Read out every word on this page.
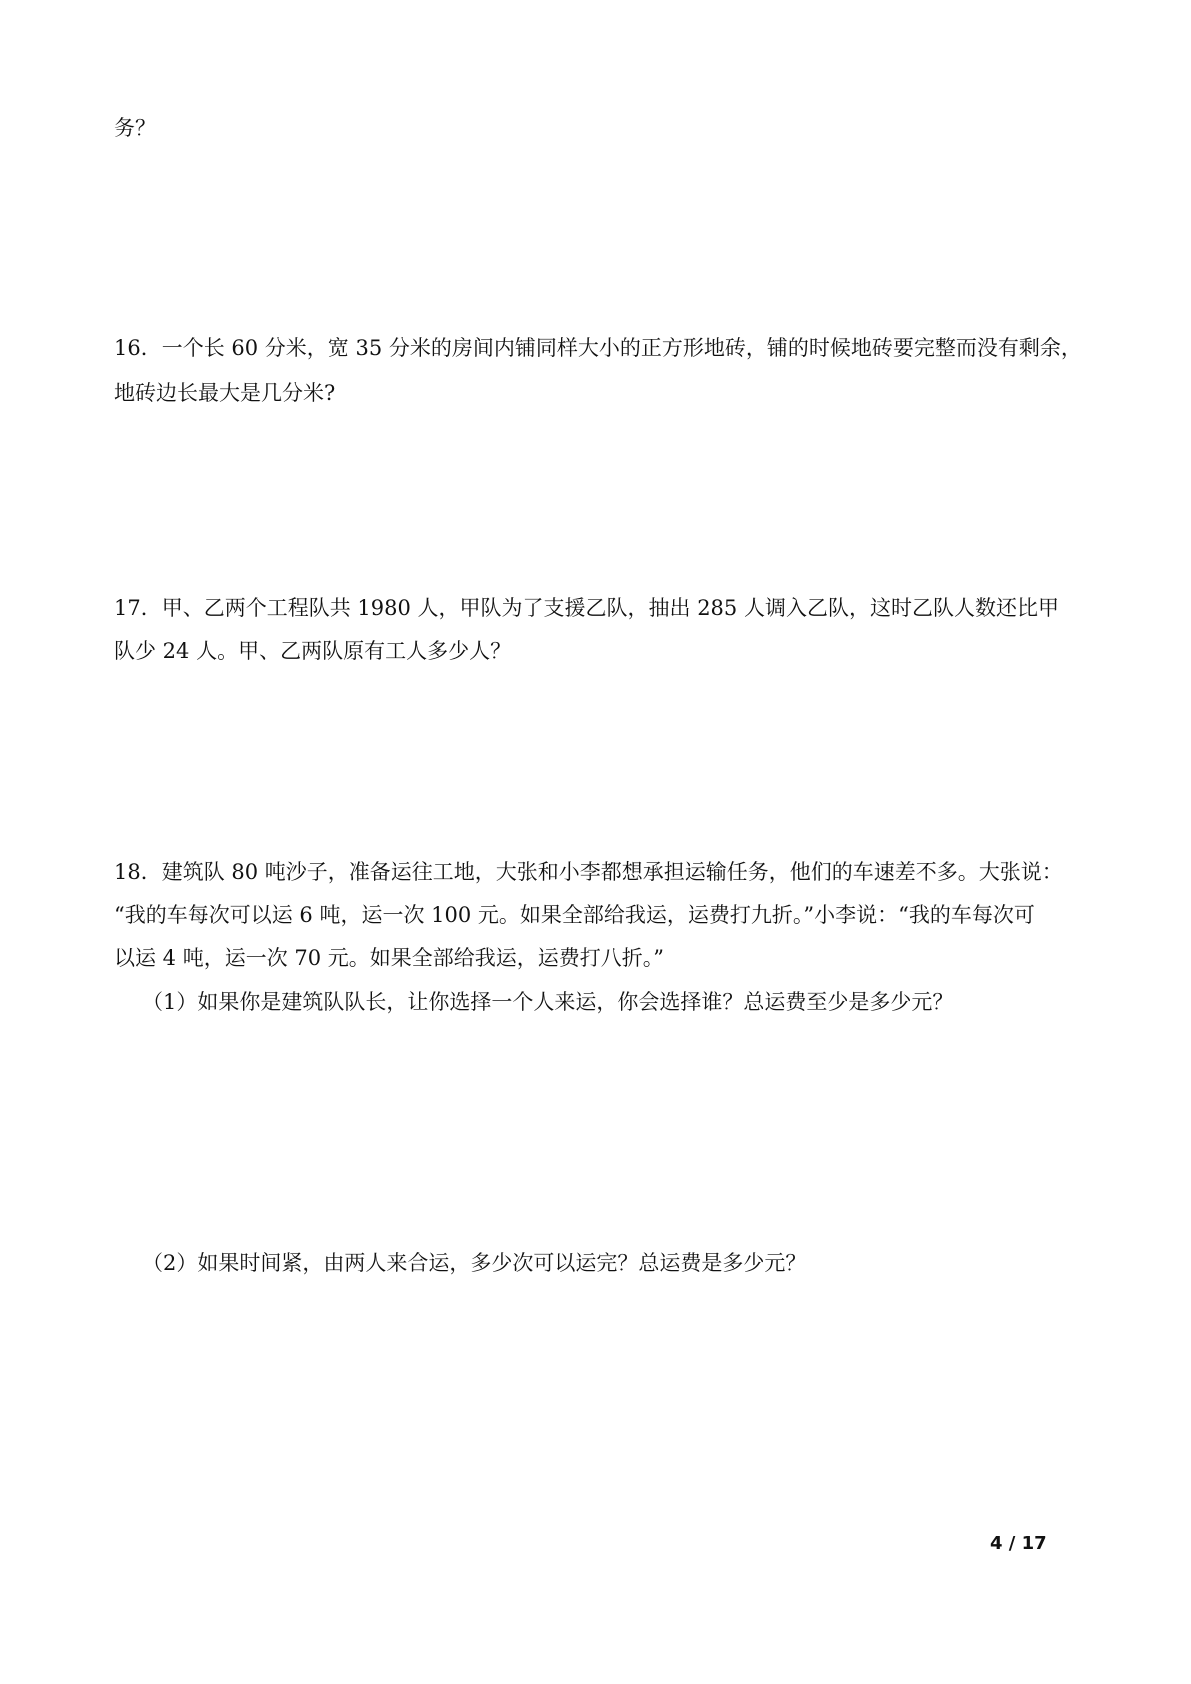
务？
16．一个长 60 分米，宽 35 分米的房间内铺同样大小的正方形地砖，铺的时候地砖要完整而没有剩余，
地砖边长最大是几分米?
17．甲、乙两个工程队共 1980 人，甲队为了支援乙队，抽出 285 人调入乙队，这时乙队人数还比甲
队少 24 人。甲、乙两队原有工人多少人？
18．建筑队 80 吨沙子，准备运往工地，大张和小李都想承担运输任务，他们的车速差不多。大张说：
“我的车每次可以运 6 吨，运一次 100 元。如果全部给我运，运费打九折。”小李说：“我的车每次可
以运 4 吨，运一次 70 元。如果全部给我运，运费打八折。”
（1）如果你是建筑队队长，让你选择一个人来运，你会选择谁？总运费至少是多少元？
（2）如果时间紧，由两人来合运，多少次可以运完？总运费是多少元？
4 / 17
